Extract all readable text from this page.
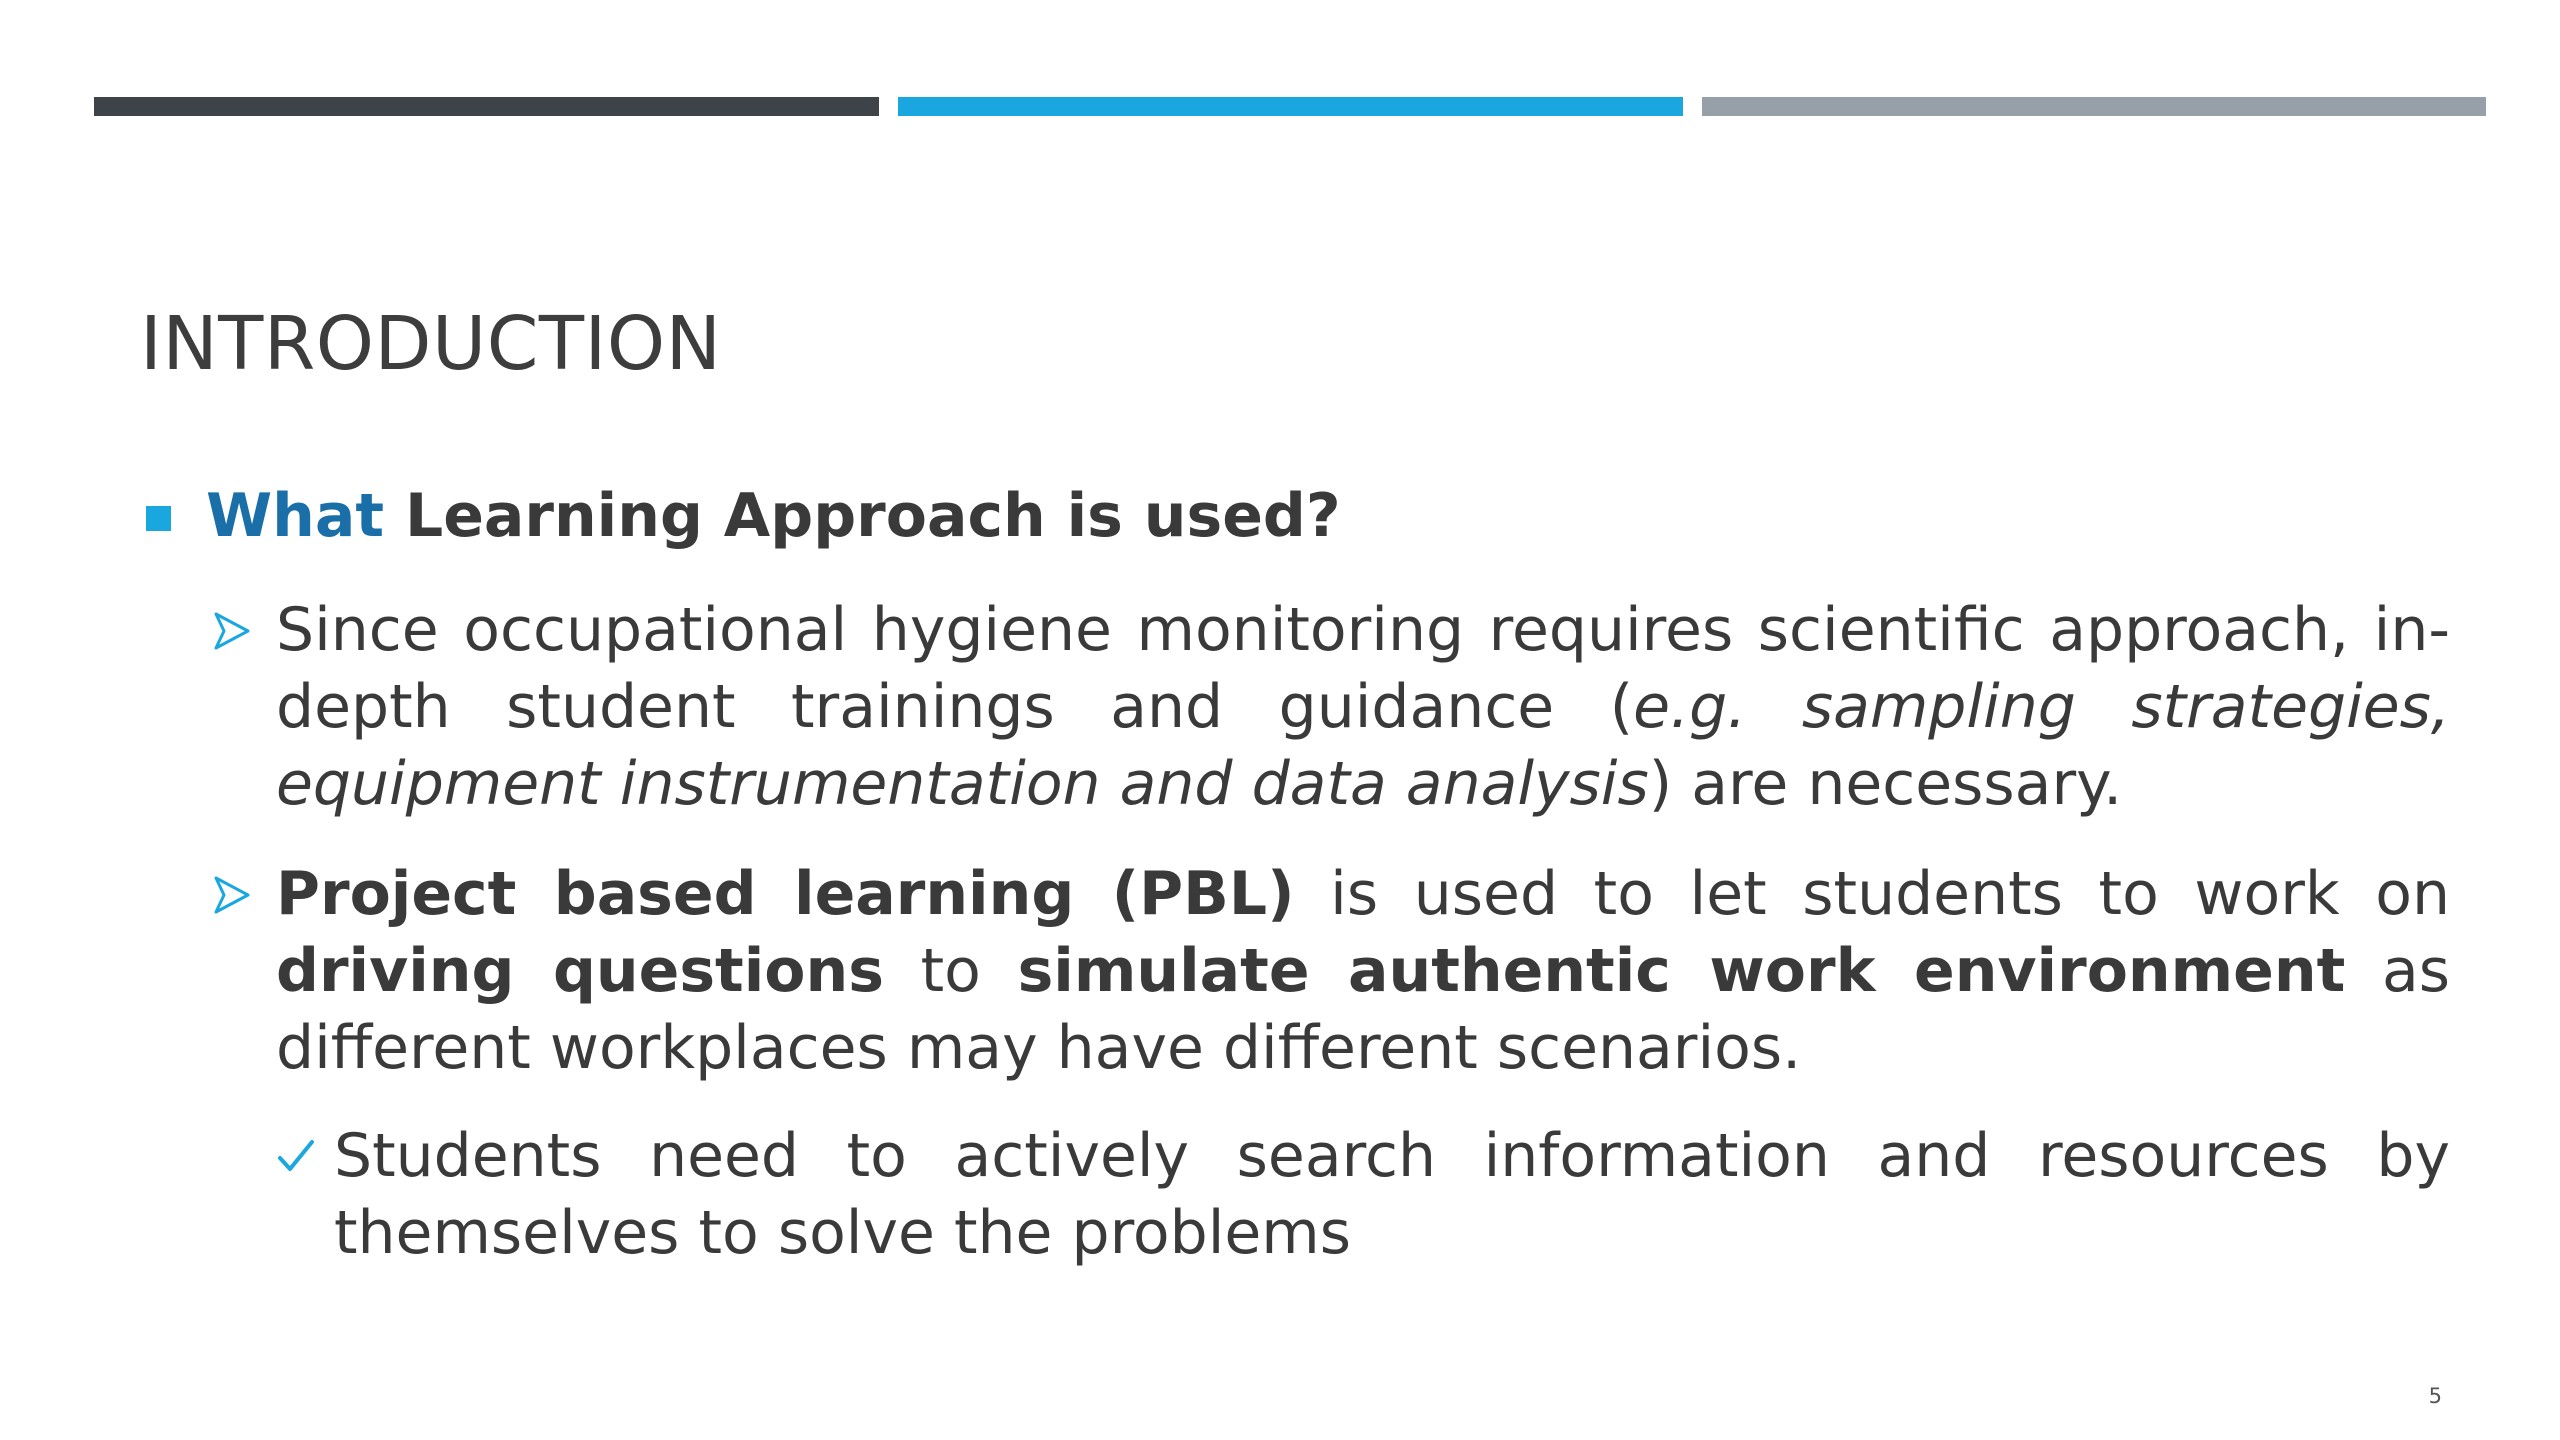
INTRODUCTION
What Learning Approach is used?
Since occupational hygiene monitoring requires scientific approach, in-depth student trainings and guidance (e.g. sampling strategies, equipment instrumentation and data analysis) are necessary.
Project based learning (PBL) is used to let students to work on driving questions to simulate authentic work environment as different workplaces may have different scenarios.
Students need to actively search information and resources by themselves to solve the problems
5
